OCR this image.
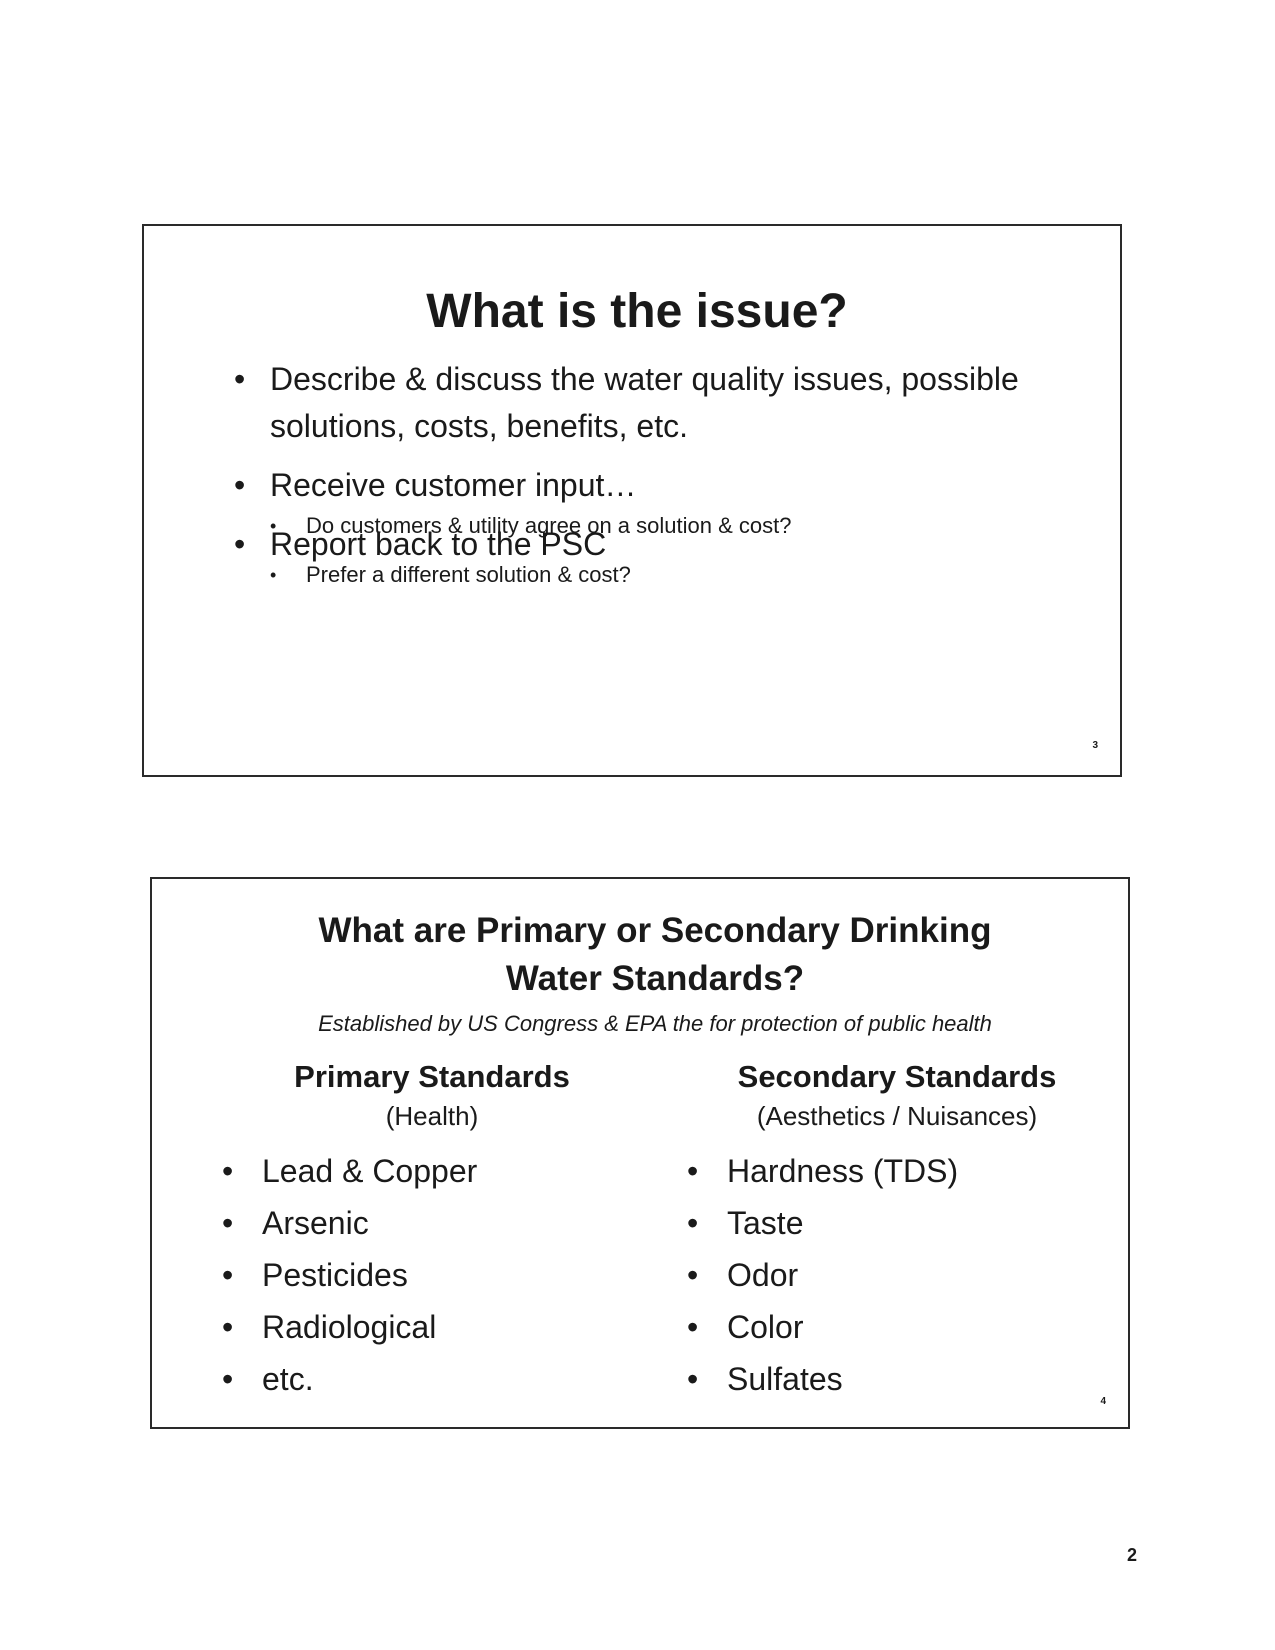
What is the issue?
• Describe & discuss the water quality issues, possible solutions, costs, benefits, etc.
• Receive customer input…
• Do customers & utility agree on a solution & cost?
• Prefer a different solution & cost?
• Report back to the PSC
3
What are Primary or Secondary Drinking Water Standards?
Established by US Congress & EPA the for protection of public health
Primary Standards
(Health)
• Lead & Copper
• Arsenic
• Pesticides
• Radiological
• etc.
Secondary Standards
(Aesthetics / Nuisances)
• Hardness (TDS)
• Taste
• Odor
• Color
• Sulfates
4
2
